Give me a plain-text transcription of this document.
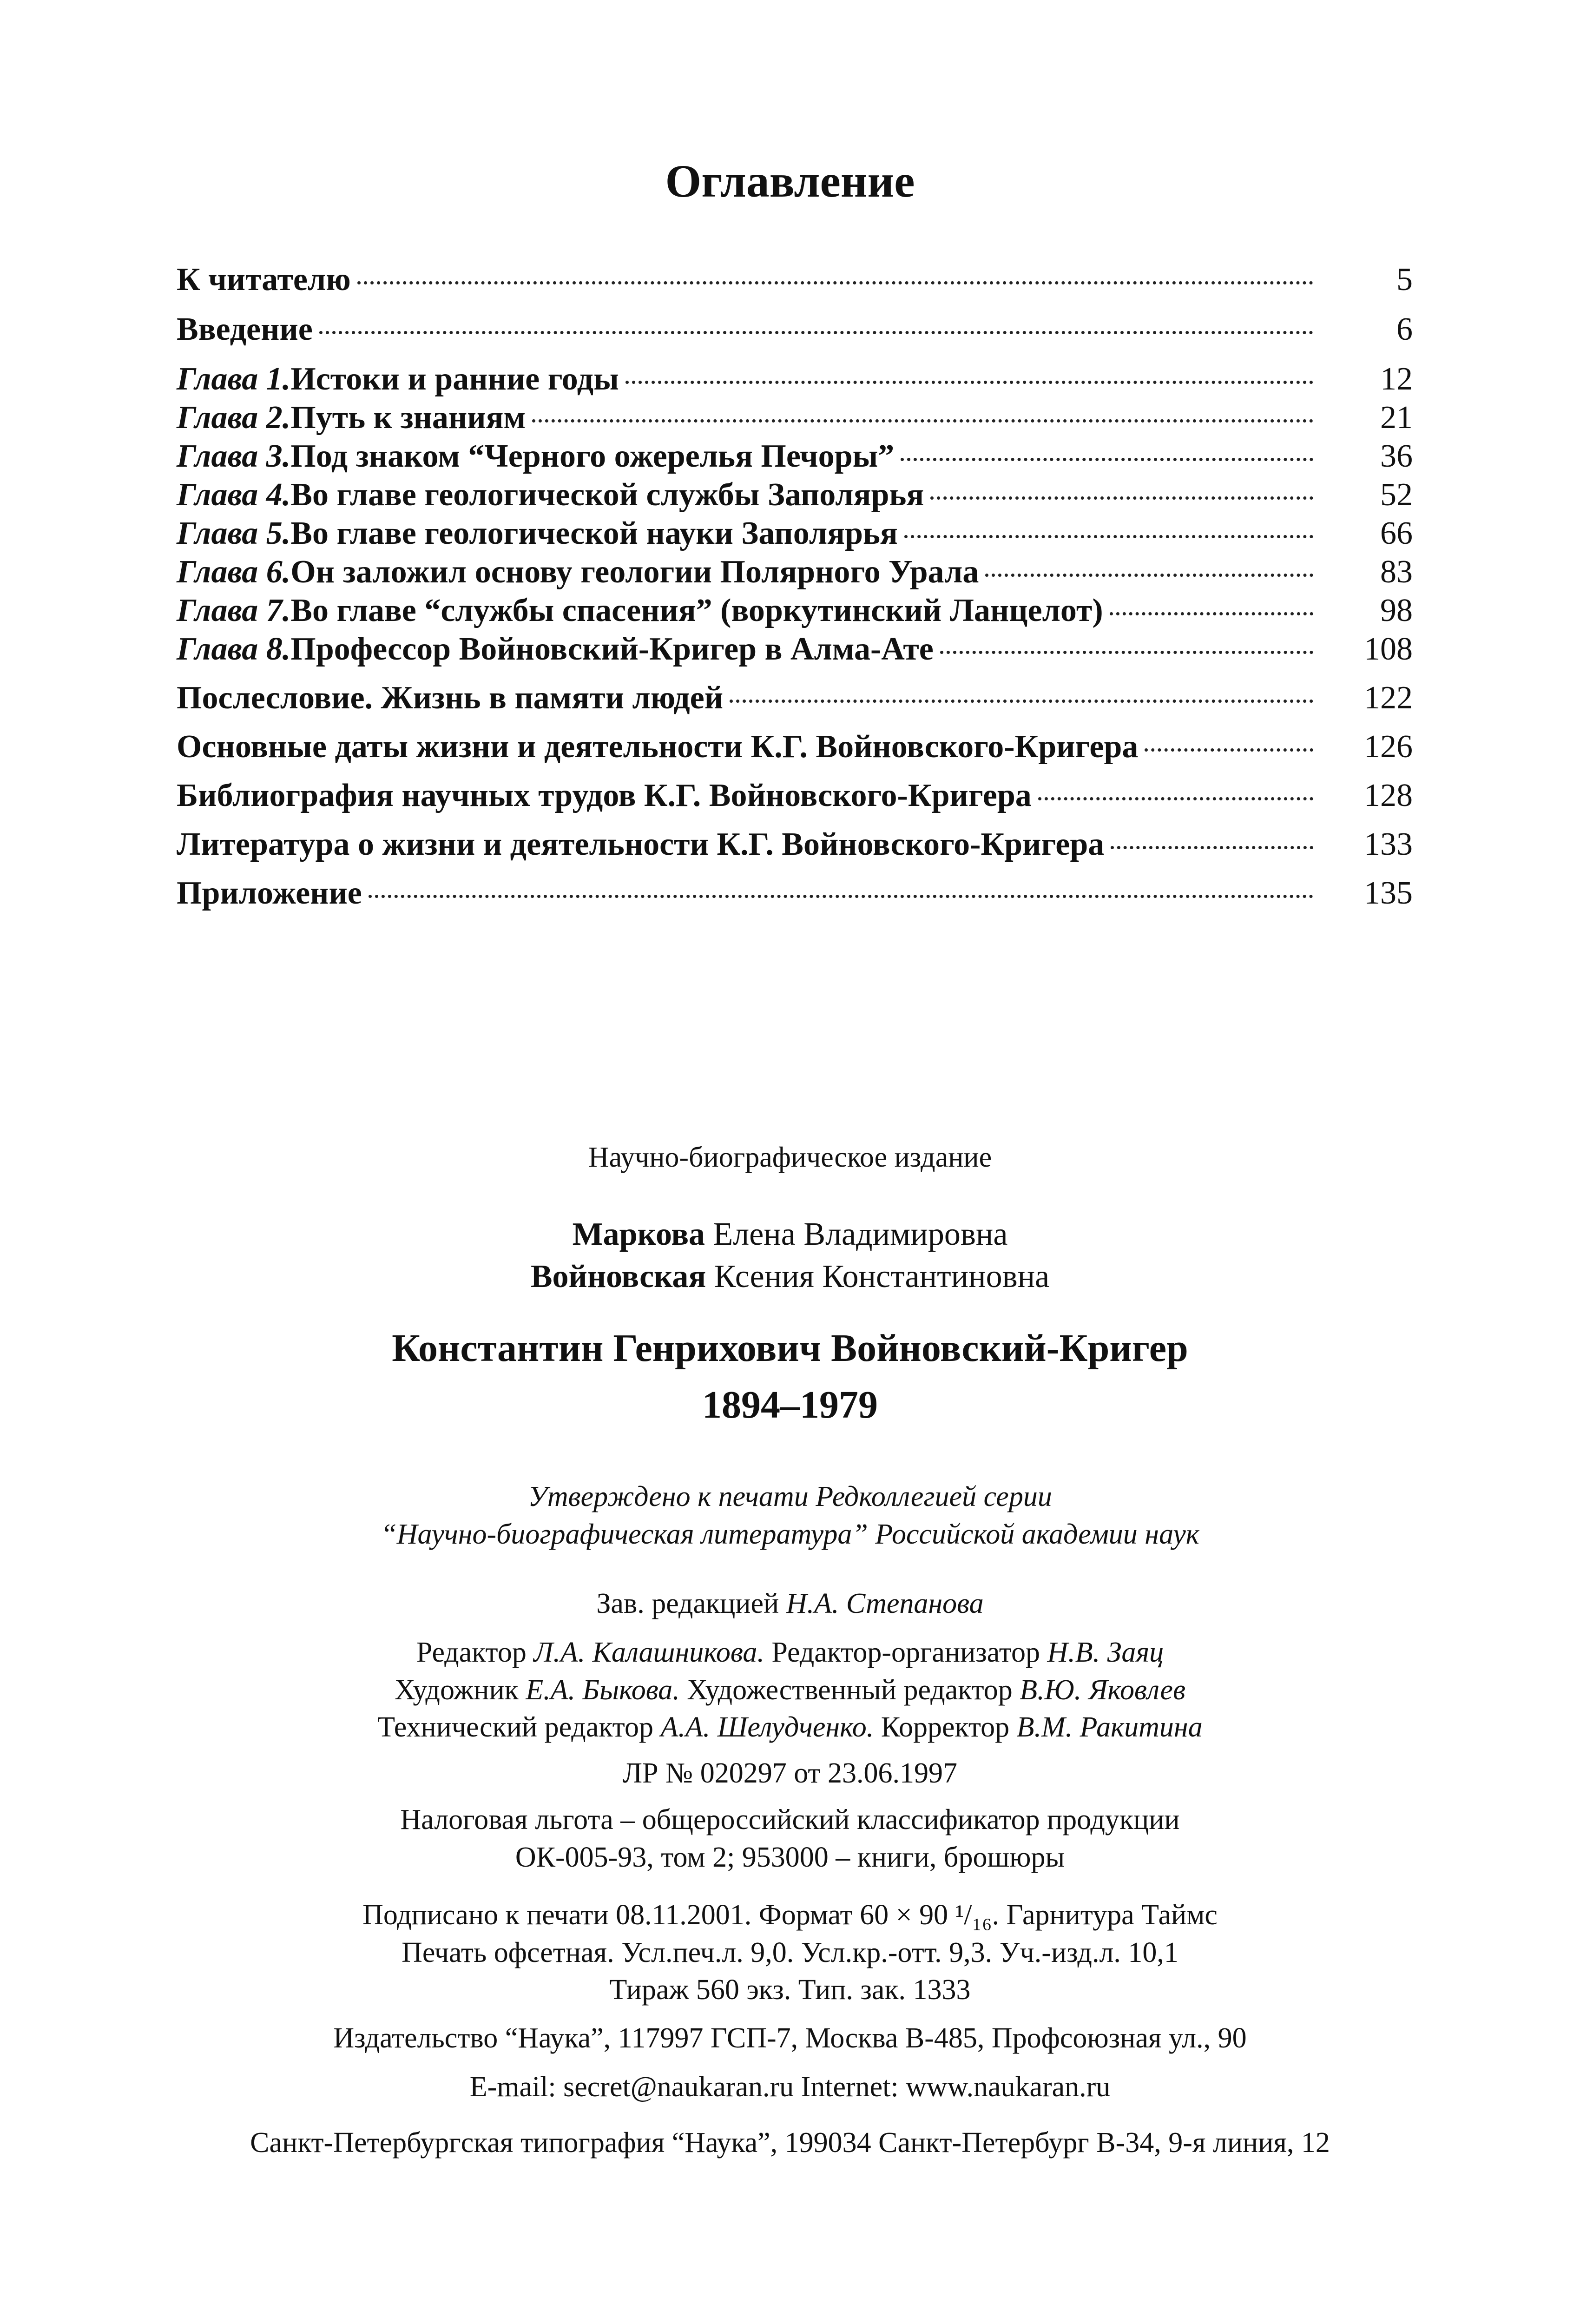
Оглавление
К читателю	5
Введение	6
Глава 1. Истоки и ранние годы	12
Глава 2. Путь к знаниям	21
Глава 3. Под знаком “Черного ожерелья Печоры”	36
Глава 4. Во главе геологической службы Заполярья	52
Глава 5. Во главе геологической науки Заполярья	66
Глава 6. Он заложил основу геологии Полярного Урала	83
Глава 7. Во главе “службы спасения” (воркутинский Ланцелот)	98
Глава 8. Профессор Войновский-Кригер в Алма-Ате	108
Послесловие. Жизнь в памяти людей	122
Основные даты жизни и деятельности К.Г. Войновского-Кригера	126
Библиография научных трудов К.Г. Войновского-Кригера	128
Литература о жизни и деятельности К.Г. Войновского-Кригера	133
Приложение	135
Научно-биографическое издание
Маркова Елена Владимировна
Войновская Ксения Константиновна
Константин Генрихович Войновский-Кригер
1894–1979
Утверждено к печати Редколлегией серии
“Научно-биографическая литература” Российской академии наук
Зав. редакцией Н.А. Степанова
Редактор Л.А. Калашникова. Редактор-организатор Н.В. Заяц
Художник Е.А. Быкова. Художественный редактор В.Ю. Яковлев
Технический редактор А.А. Шелудченко. Корректор В.М. Ракитина
ЛР № 020297 от 23.06.1997
Налоговая льгота – общероссийский классификатор продукции
ОК-005-93, том 2; 953000 – книги, брошюры
Подписано к печати 08.11.2001. Формат 60 × 90 ¹/₁₆. Гарнитура Таймс
Печать офсетная. Усл.печ.л. 9,0. Усл.кр.-отт. 9,3. Уч.-изд.л. 10,1
Тираж 560 экз. Тип. зак. 1333
Издательство “Наука”, 117997 ГСП-7, Москва В-485, Профсоюзная ул., 90
E-mail: secret@naukaran.ru Internet: www.naukaran.ru
Санкт-Петербургская типография “Наука”, 199034 Санкт-Петербург В-34, 9-я линия, 12
